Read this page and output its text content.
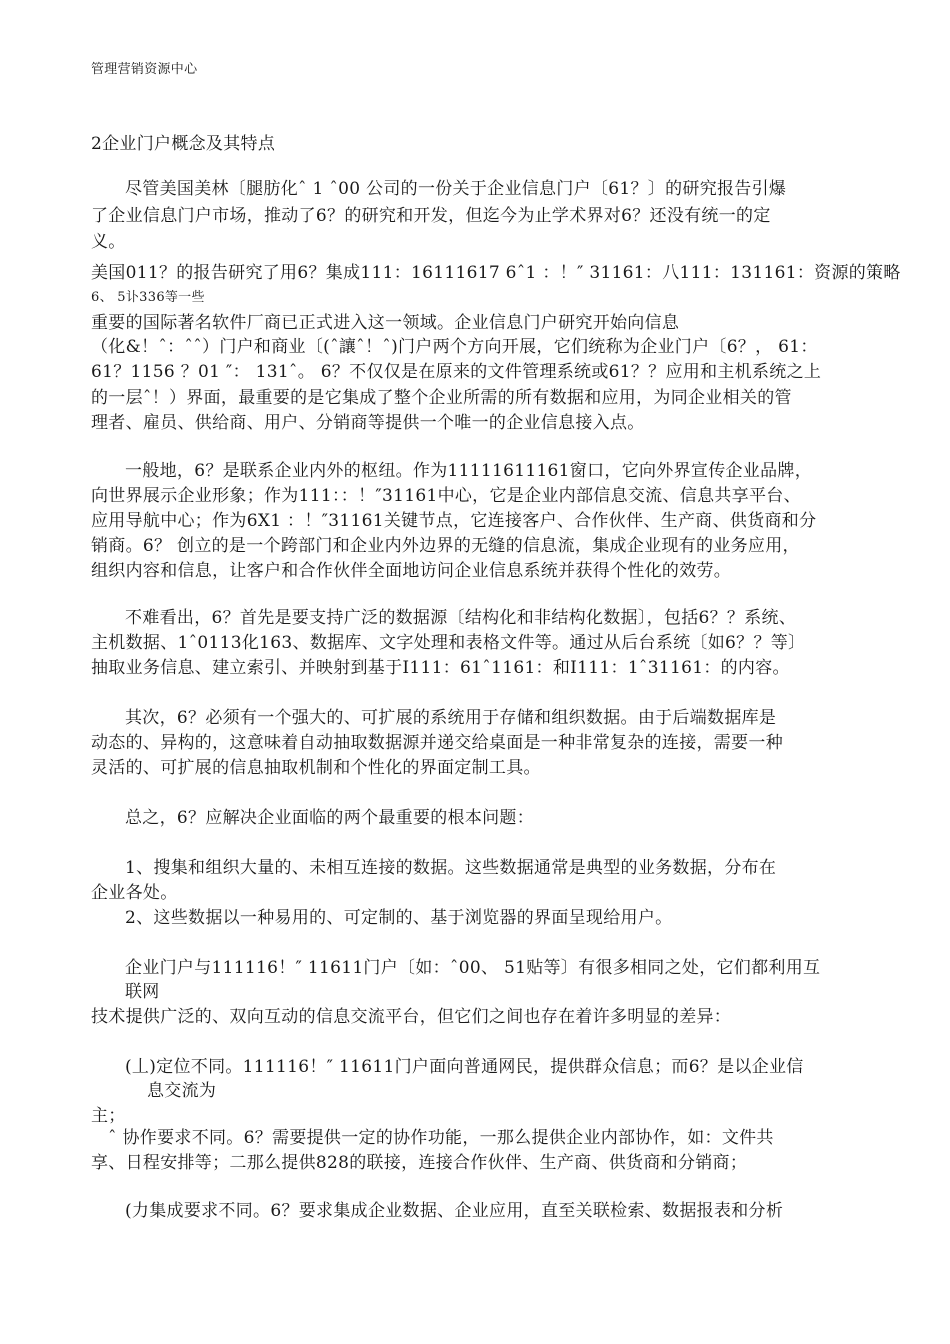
管理营销资源中心
2企业门户概念及其特点
尽管美国美林〔腿肪化ˆ 1 ˆ00 公司的一份关于企业信息门户〔61？〕的研究报告引爆
了企业信息门户市场，推动了6？的研究和开发，但迄今为止学术界对6？还没有统一的定
义。
美国011？的报告研究了用6？集成111：16111617 6ˆ1 ：！″ 31161：八111：131161：资源的策略
6、 5讣336等一些
重要的国际著名软件厂商已正式进入这一领域。企业信息门户研究开始向信息
（化&！ˆ：ˆˆ）门户和商业〔(ˆ讓ˆ！ˆ)门户两个方向开展，它们统称为企业门户〔6？， 61：
61？1156 ？01 ″： 131ˆ。 6？不仅仅是在原来的文件管理系统或61？？应用和主机系统之上
的一层ˆ！）界面，最重要的是它集成了整个企业所需的所有数据和应用，为同企业相关的管
理者、雇员、供给商、用户、分销商等提供一个唯一的企业信息接入点。
一般地，6？是联系企业内外的枢纽。作为11111611161窗口，它向外界宣传企业品牌，
向世界展示企业形象；作为111：：！″31161中心，它是企业内部信息交流、信息共享平台、
应用导航中心；作为6X1 ：！″31161关键节点，它连接客户、合作伙伴、生产商、供货商和分
销商。6？ 创立的是一个跨部门和企业内外边界的无缝的信息流，集成企业现有的业务应用，
组织内容和信息，让客户和合作伙伴全面地访问企业信息系统并获得个性化的效劳。
不难看出，6？首先是要支持广泛的数据源〔结构化和非结构化数据〕，包括6？？系统、
主机数据、1ˆ0113化163、数据库、文字处理和表格文件等。通过从后台系统〔如6？？等〕
抽取业务信息、建立索引、并映射到基于I111：61ˆ1161：和I111：1ˆ31161：的内容。
其次，6？必须有一个强大的、可扩展的系统用于存储和组织数据。由于后端数据库是
动态的、异构的，这意味着自动抽取数据源并递交给桌面是一种非常复杂的连接，需要一种
灵活的、可扩展的信息抽取机制和个性化的界面定制工具。
总之，6？应解决企业面临的两个最重要的根本问题：
1、搜集和组织大量的、未相互连接的数据。这些数据通常是典型的业务数据，分布在
企业各处。
2、这些数据以一种易用的、可定制的、基于浏览器的界面呈现给用户。
企业门户与111116！″ 11611门户〔如：ˆ00、 51贴等〕有很多相同之处，它们都利用互
联网
技术提供广泛的、双向互动的信息交流平台，但它们之间也存在着许多明显的差异：
(丄)定位不同。111116！″ 11611门户面向普通网民，提供群众信息；而6？是以企业信
息交流为
主；
ˆ 协作要求不同。6？需要提供一定的协作功能，一那么提供企业内部协作，如：文件共
享、日程安排等；二那么提供828的联接，连接合作伙伴、生产商、供货商和分销商；
(力集成要求不同。6？要求集成企业数据、企业应用，直至关联检索、数据报表和分析
